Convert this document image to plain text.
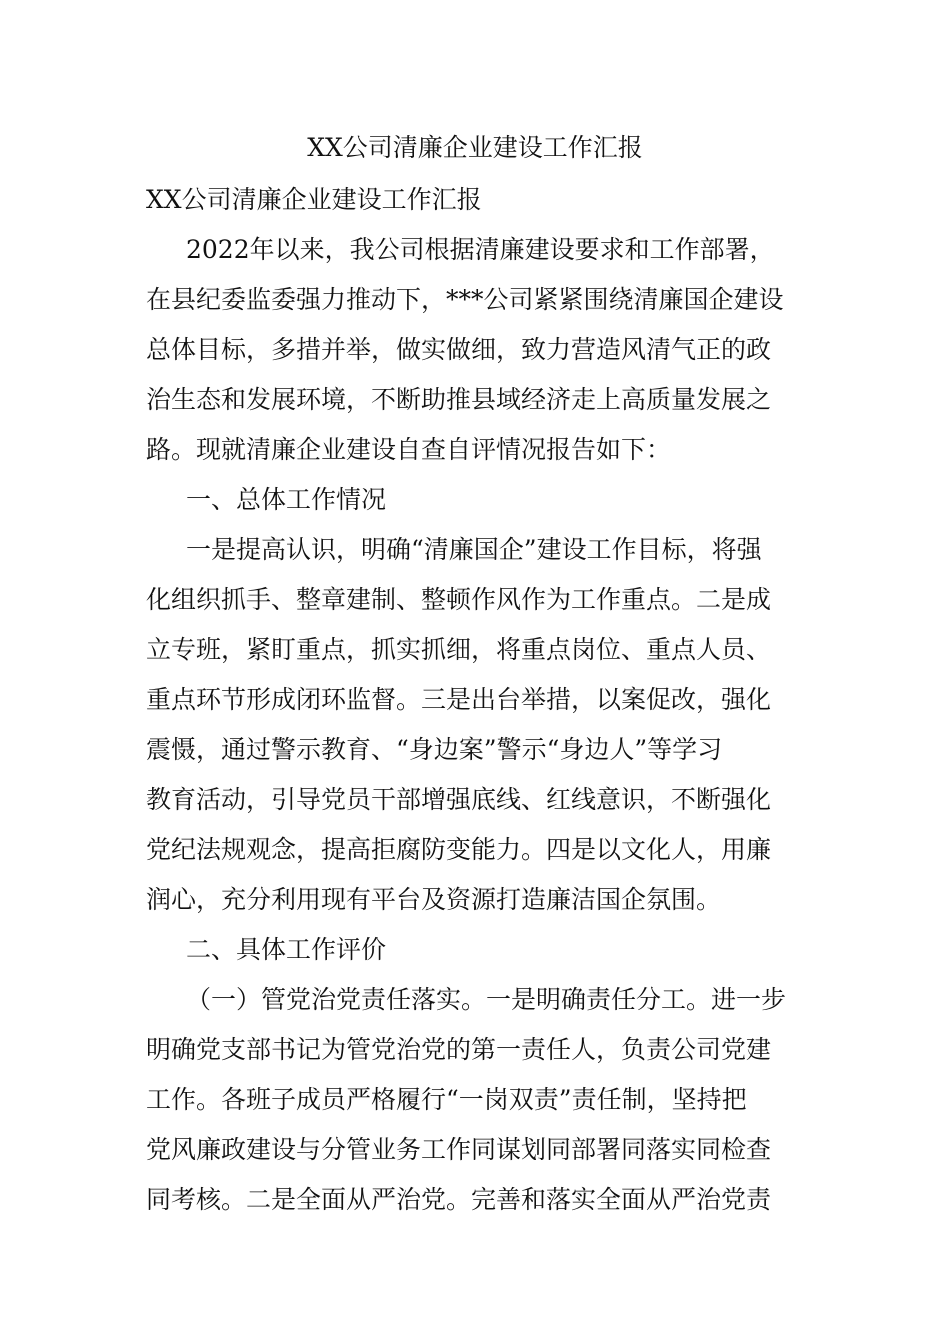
XX公司清廉企业建设工作汇报
XX公司清廉企业建设工作汇报
2022年以来，我公司根据清廉建设要求和工作部署，
在县纪委监委强力推动下，***公司紧紧围绕清廉国企建设
总体目标，多措并举，做实做细，致力营造风清气正的政
治生态和发展环境，不断助推县域经济走上高质量发展之
路。现就清廉企业建设自查自评情况报告如下：
一、总体工作情况
一是提高认识，明确“清廉国企”建设工作目标，将强
化组织抓手、整章建制、整顿作风作为工作重点。二是成
立专班，紧盯重点，抓实抓细，将重点岗位、重点人员、
重点环节形成闭环监督。三是出台举措，以案促改，强化
震慑，通过警示教育、“身边案”警示“身边人”等学习
教育活动，引导党员干部增强底线、红线意识，不断强化
党纪法规观念，提高拒腐防变能力。四是以文化人，用廉
润心，充分利用现有平台及资源打造廉洁国企氛围。
二、具体工作评价
（一）管党治党责任落实。一是明确责任分工。进一步
明确党支部书记为管党治党的第一责任人，负责公司党建
工作。各班子成员严格履行“一岗双责”责任制，坚持把
党风廉政建设与分管业务工作同谋划同部署同落实同检查
同考核。二是全面从严治党。完善和落实全面从严治党责
